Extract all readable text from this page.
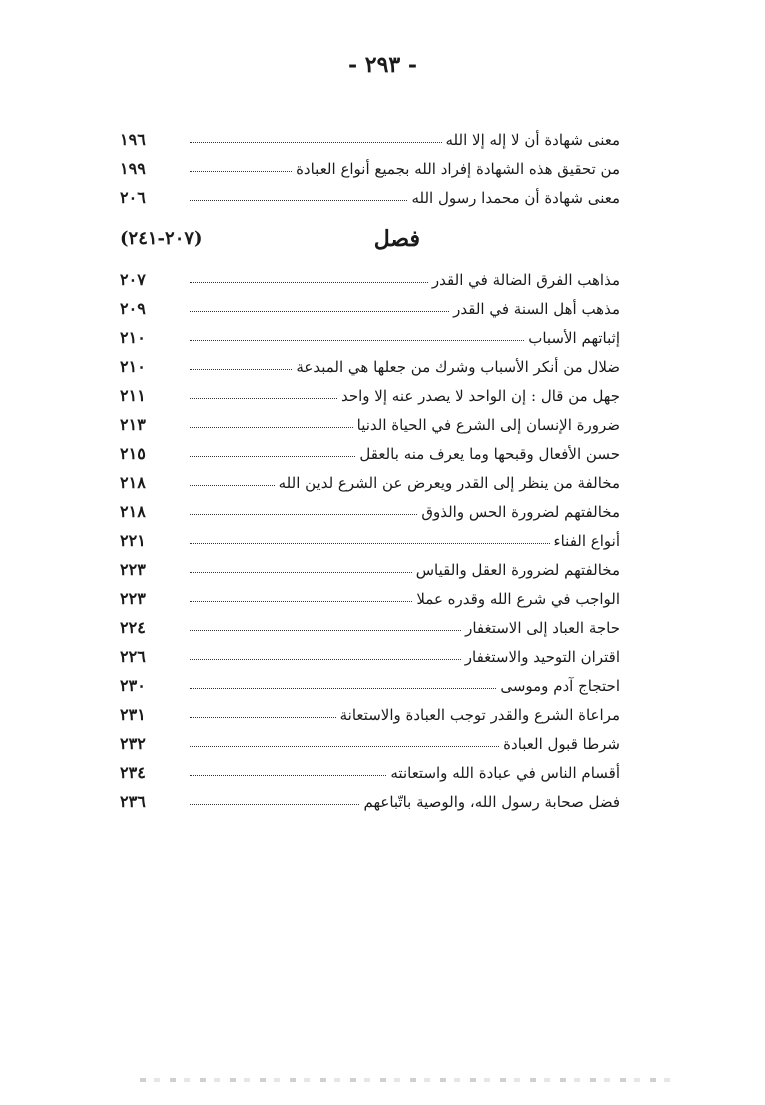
- ٢٩٣ -
معنى شهادة أن لا إله إلا الله
١٩٦
من تحقيق هذه الشهادة إفراد الله بجميع أنواع العبادة
١٩٩
معنى شهادة أن محمدا رسول الله
٢٠٦
فصل
(٢٠٧-٢٤١)
مذاهب الفرق الضالة في القدر
٢٠٧
مذهب أهل السنة في القدر
٢٠٩
إثباتهم الأسباب
٢١٠
ضلال من أنكر الأسباب وشرك من جعلها هي المبدعة
٢١٠
جهل من قال : إن الواحد لا يصدر عنه إلا واحد
٢١١
ضرورة الإنسان إلى الشرع في الحياة الدنيا
٢١٣
حسن الأفعال وقبحها وما يعرف منه بالعقل
٢١٥
مخالفة من ينظر إلى القدر ويعرض عن الشرع لدين الله
٢١٨
مخالفتهم لضرورة الحس والذوق
٢١٨
أنواع الفناء
٢٢١
مخالفتهم لضرورة العقل والقياس
٢٢٣
الواجب في شرع الله وقدره عملا
٢٢٣
حاجة العباد إلى الاستغفار
٢٢٤
اقتران التوحيد والاستغفار
٢٢٦
احتجاج آدم وموسى
٢٣٠
مراعاة الشرع والقدر توجب العبادة والاستعانة
٢٣١
شرطا قبول العبادة
٢٣٢
أقسام الناس في عبادة الله واستعانته
٢٣٤
فضل صحابة رسول الله، والوصية باتّباعهم
٢٣٦
